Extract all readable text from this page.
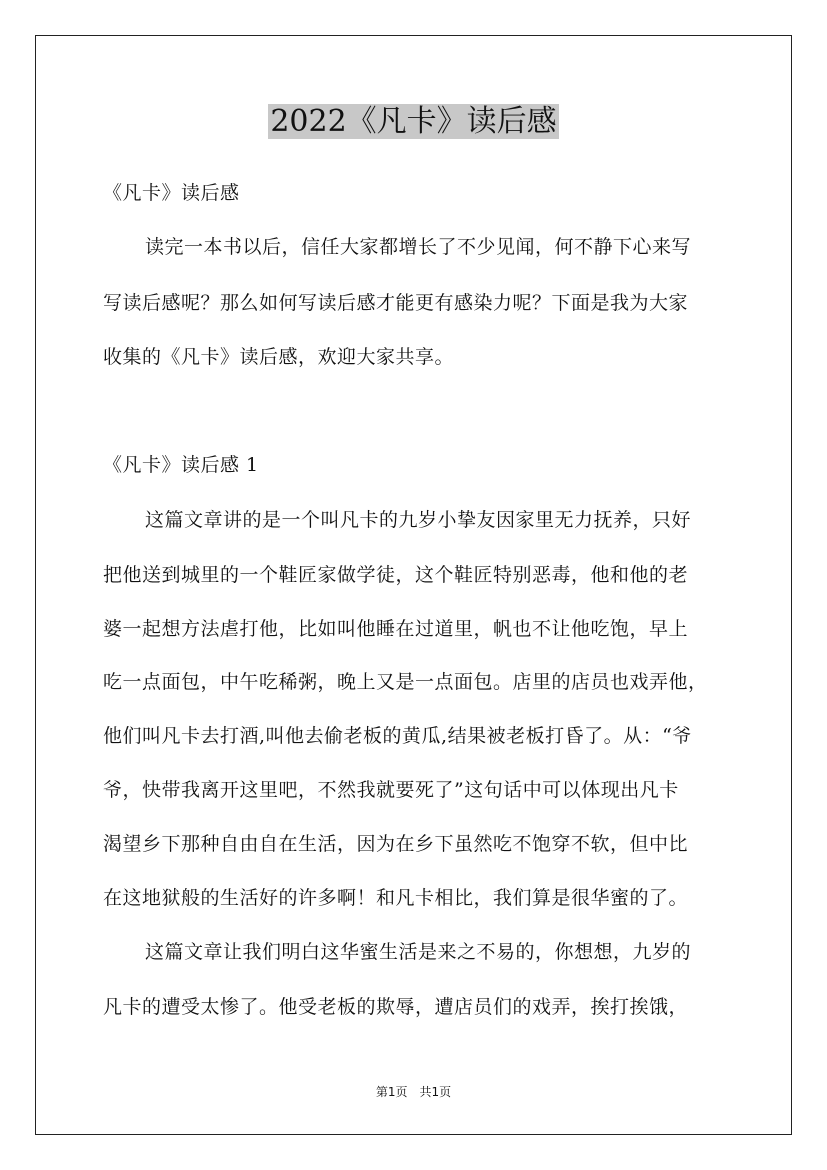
2022《凡卡》读后感
《凡卡》读后感
读完一本书以后，信任大家都增长了不少见闻，何不静下心来写
写读后感呢？那么如何写读后感才能更有感染力呢？下面是我为大家
收集的《凡卡》读后感，欢迎大家共享。
《凡卡》读后感 1
这篇文章讲的是一个叫凡卡的九岁小挚友因家里无力抚养，只好
把他送到城里的一个鞋匠家做学徒，这个鞋匠特别恶毒，他和他的老
婆一起想方法虐打他，比如叫他睡在过道里，帆也不让他吃饱，早上
吃一点面包，中午吃稀粥，晚上又是一点面包。店里的店员也戏弄他，
他们叫凡卡去打酒,叫他去偷老板的黄瓜,结果被老板打昏了。从：“爷
爷，快带我离开这里吧，不然我就要死了”这句话中可以体现出凡卡
渴望乡下那种自由自在生活，因为在乡下虽然吃不饱穿不软，但中比
在这地狱般的生活好的许多啊！和凡卡相比，我们算是很华蜜的了。
这篇文章让我们明白这华蜜生活是来之不易的，你想想，九岁的
凡卡的遭受太惨了。他受老板的欺辱，遭店员们的戏弄，挨打挨饿，
第1页　共1页
